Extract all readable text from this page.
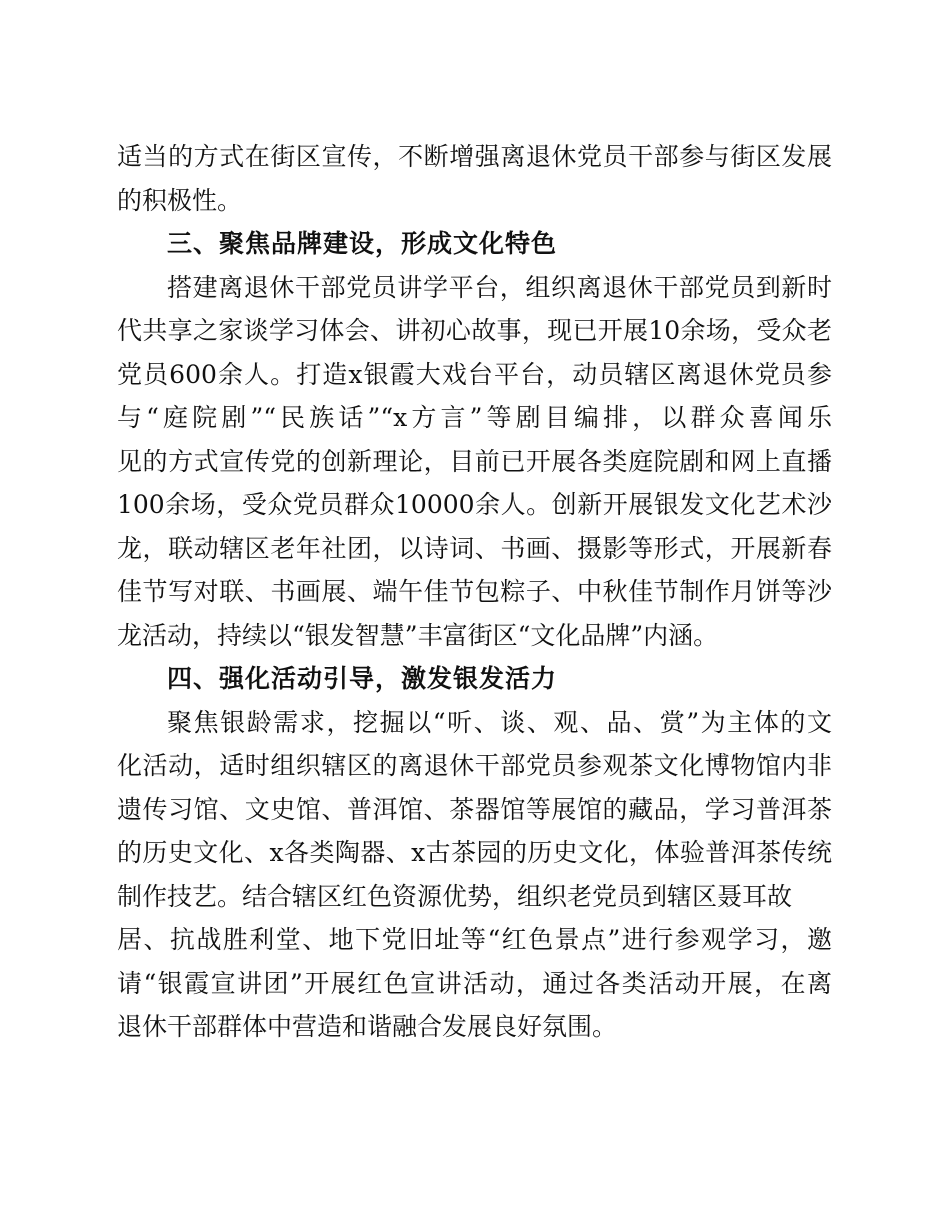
适当的方式在街区宣传，不断增强离退休党员干部参与街区发展
的积极性。
三、聚焦品牌建设，形成文化特色
搭建离退休干部党员讲学平台，组织离退休干部党员到新时
代共享之家谈学习体会、讲初心故事，现已开展10余场，受众老
党员600余人。打造x银霞大戏台平台，动员辖区离退休党员参
与“庭院剧”“民族话”“x方言”等剧目编排，以群众喜闻乐
见的方式宣传党的创新理论，目前已开展各类庭院剧和网上直播
100余场，受众党员群众10000余人。创新开展银发文化艺术沙
龙，联动辖区老年社团，以诗词、书画、摄影等形式，开展新春
佳节写对联、书画展、端午佳节包粽子、中秋佳节制作月饼等沙
龙活动，持续以“银发智慧”丰富街区“文化品牌”内涵。
四、强化活动引导，激发银发活力
聚焦银龄需求，挖掘以“听、谈、观、品、赏”为主体的文
化活动，适时组织辖区的离退休干部党员参观茶文化博物馆内非
遗传习馆、文史馆、普洱馆、茶器馆等展馆的藏品，学习普洱茶
的历史文化、x各类陶器、x古茶园的历史文化，体验普洱茶传统
制作技艺。结合辖区红色资源优势，组织老党员到辖区聂耳故
居、抗战胜利堂、地下党旧址等“红色景点”进行参观学习，邀
请“银霞宣讲团”开展红色宣讲活动，通过各类活动开展，在离
退休干部群体中营造和谐融合发展良好氛围。
